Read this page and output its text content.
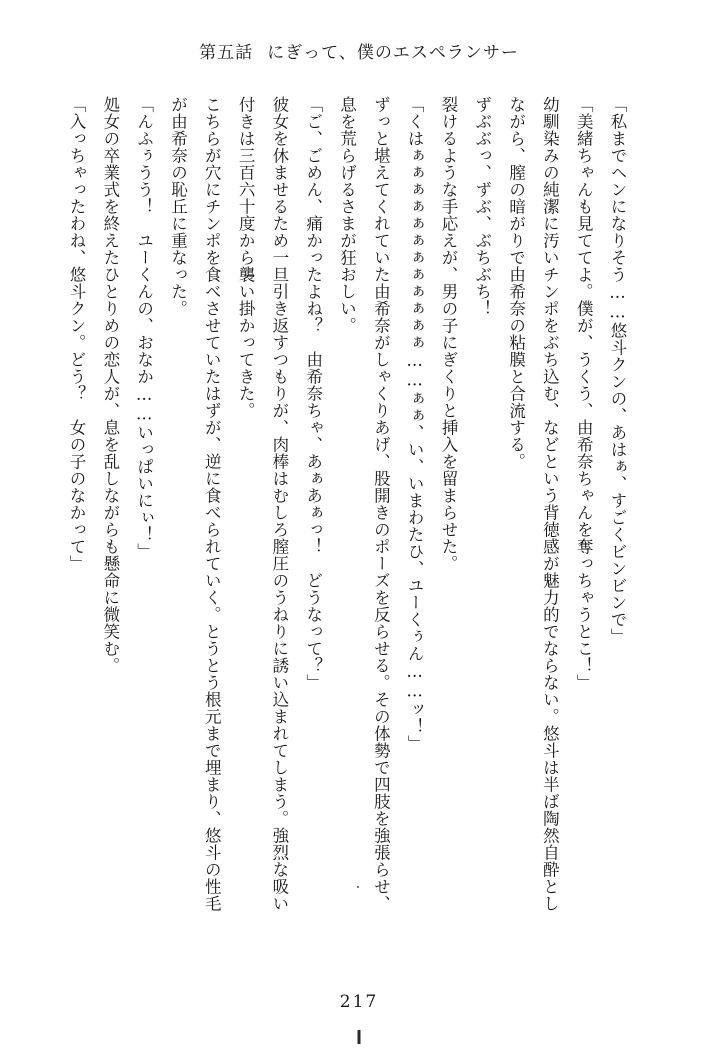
第五話 にぎって、僕のエスペランサー

「私までヘンになりそう……悠斗クンの、あはぁ、すごくビンビンで」

「美緒ちゃんも見ててよ。僕が、うくう、由希奈ちゃんを奪っちゃうとこ！」

幼馴染みの純潔に汚いチンポをぶち込む、などという背徳感が魅力的でならない。悠斗は半ば陶然自酔としながら、膣の暗がりで由希奈の粘膜と合流する。

ずぶぶっ、ずぶ、ぶちぶち！

裂けるような手応えが、男の子にぎくりと挿入を留まらせた。

「くはぁぁぁぁぁぁぁぁぁぁぁぁ……ぁぁ、い、いまわたひ、ユーくぅん……ッ！」

ずっと堪えてくれていた由希奈がしゃくりあげ、股開きのポーズを反らせる。その体勢で四肢を強張らせ、息を荒らげるさまが狂おしい。

「ご、ごめん、痛かったよね？　由希奈ちゃ、あぁあぁっ！　どうなって？」

彼女を休ませるため一旦引き返すつもりが、肉棒はむしろ膣圧のうねりに誘い込まれてしまう。強烈な吸い付きは三百六十度から襲い掛かってきた。

こちらが穴にチンポを食べさせていたはずが、逆に食べられていく。とうとう根元まで埋まり、悠斗の性毛が由希奈の恥丘に重なった。

「んふぅうう！　ユーくんの、おなか……いっぱいにぃ！」

処女の卒業式を終えたひとりめの恋人が、息を乱しながらも懸命に微笑む。

「入っちゃったわね、悠斗クン。どう？　女の子のなかって」

217
